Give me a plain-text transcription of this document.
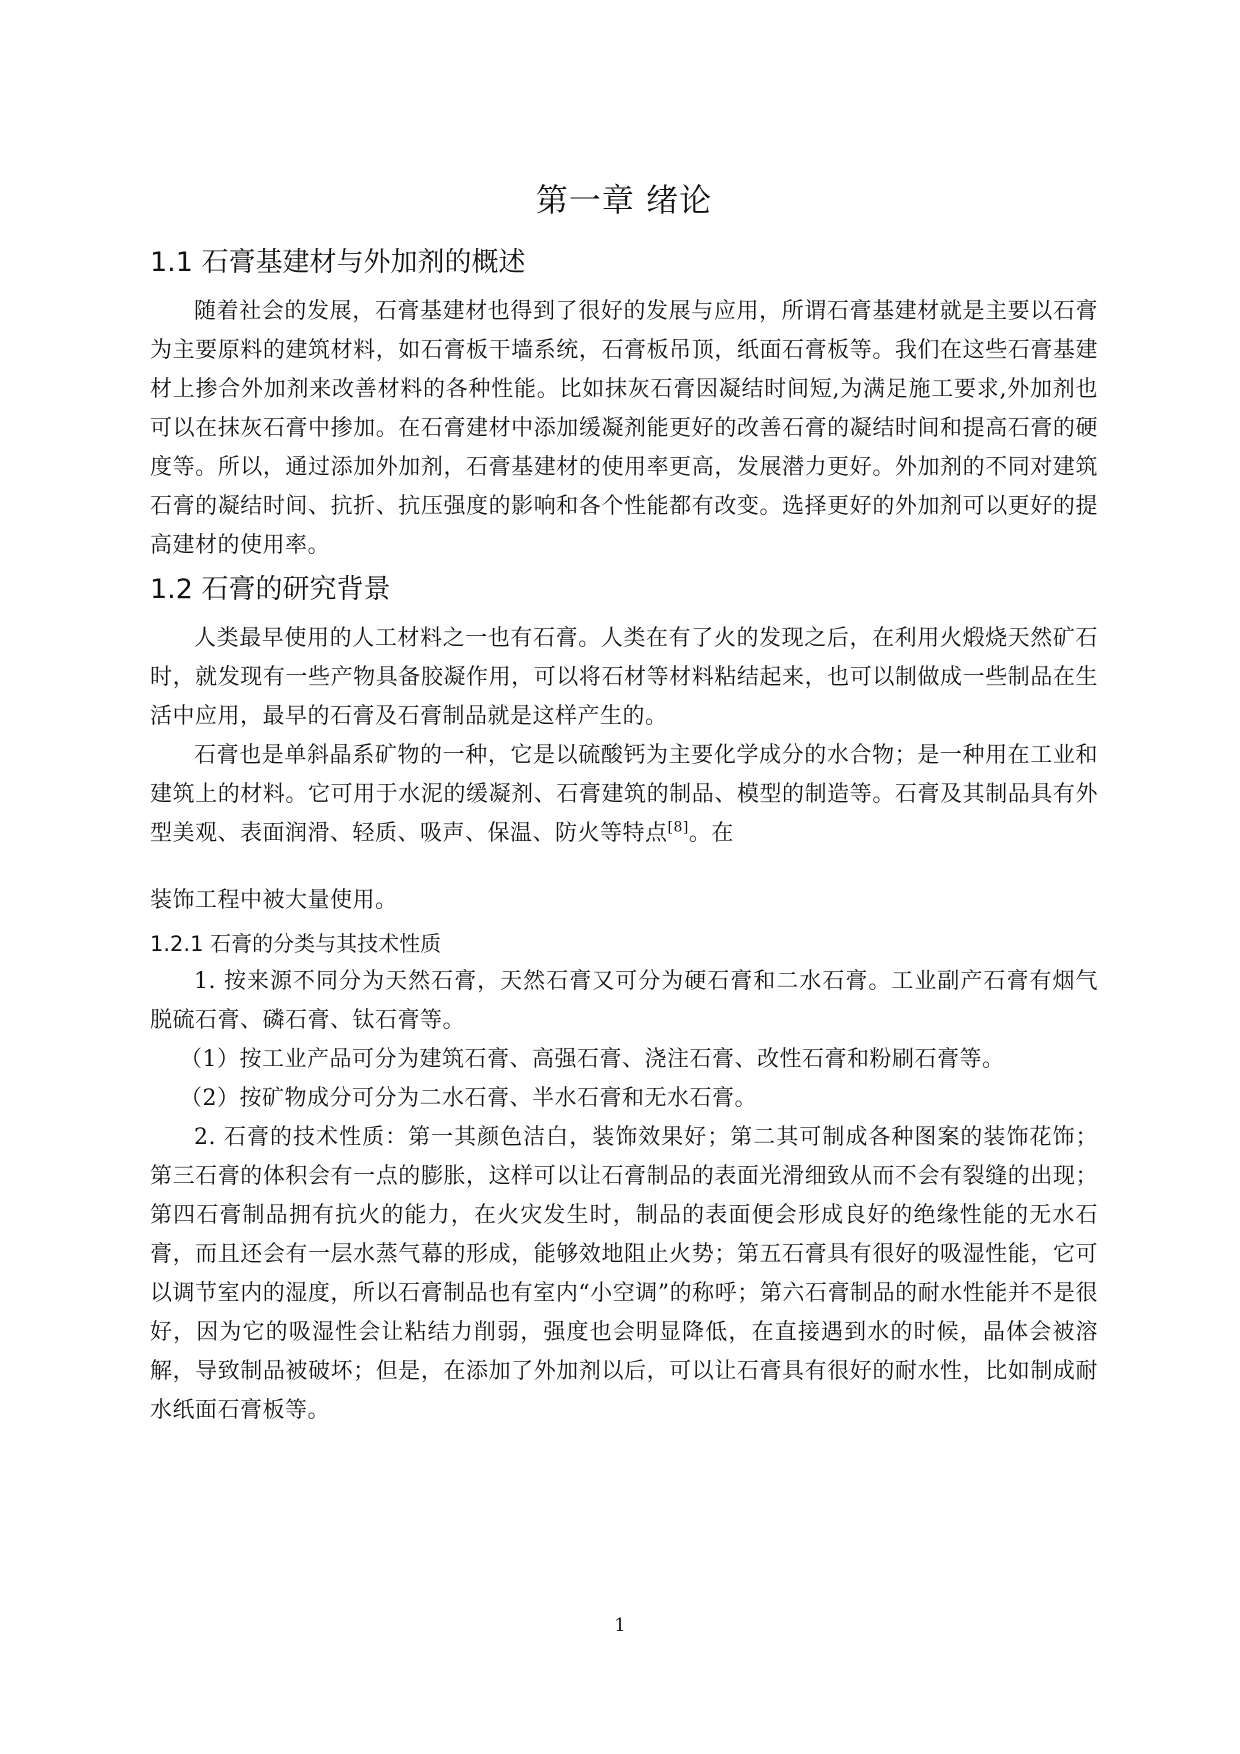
第一章 绪论
1.1 石膏基建材与外加剂的概述

随着社会的发展，石膏基建材也得到了很好的发展与应用，所谓石膏基建材就是主要以石膏为主要原料的建筑材料，如石膏板干墙系统，石膏板吊顶，纸面石膏板等。我们在这些石膏基建材上掺合外加剂来改善材料的各种性能。比如抹灰石膏因凝结时间短,为满足施工要求,外加剂也可以在抹灰石膏中掺加。在石膏建材中添加缓凝剂能更好的改善石膏的凝结时间和提高石膏的硬度等。所以，通过添加外加剂，石膏基建材的使用率更高，发展潜力更好。外加剂的不同对建筑石膏的凝结时间、抗折、抗压强度的影响和各个性能都有改变。选择更好的外加剂可以更好的提高建材的使用率。

1.2 石膏的研究背景

人类最早使用的人工材料之一也有石膏。人类在有了火的发现之后，在利用火煅烧天然矿石时，就发现有一些产物具备胶凝作用，可以将石材等材料粘结起来，也可以制做成一些制品在生活中应用，最早的石膏及石膏制品就是这样产生的。

石膏也是单斜晶系矿物的一种，它是以硫酸钙为主要化学成分的水合物；是一种用在工业和建筑上的材料。它可用于水泥的缓凝剂、石膏建筑的制品、模型的制造等。石膏及其制品具有外型美观、表面润滑、轻质、吸声、保温、防火等特点[8]。在

装饰工程中被大量使用。

1.2.1 石膏的分类与其技术性质

1. 按来源不同分为天然石膏，天然石膏又可分为硬石膏和二水石膏。工业副产石膏有烟气脱硫石膏、磷石膏、钛石膏等。

（1）按工业产品可分为建筑石膏、高强石膏、浇注石膏、改性石膏和粉刷石膏等。

（2）按矿物成分可分为二水石膏、半水石膏和无水石膏。

2. 石膏的技术性质：第一其颜色洁白，装饰效果好；第二其可制成各种图案的装饰花饰；第三石膏的体积会有一点的膨胀，这样可以让石膏制品的表面光滑细致从而不会有裂缝的出现；第四石膏制品拥有抗火的能力，在火灾发生时，制品的表面便会形成良好的绝缘性能的无水石膏，而且还会有一层水蒸气幕的形成，能够效地阻止火势；第五石膏具有很好的吸湿性能，它可以调节室内的湿度，所以石膏制品也有室内“小空调”的称呼；第六石膏制品的耐水性能并不是很好，因为它的吸湿性会让粘结力削弱，强度也会明显降低，在直接遇到水的时候，晶体会被溶解，导致制品被破坏；但是，在添加了外加剂以后，可以让石膏具有很好的耐水性，比如制成耐水纸面石膏板等。

1
